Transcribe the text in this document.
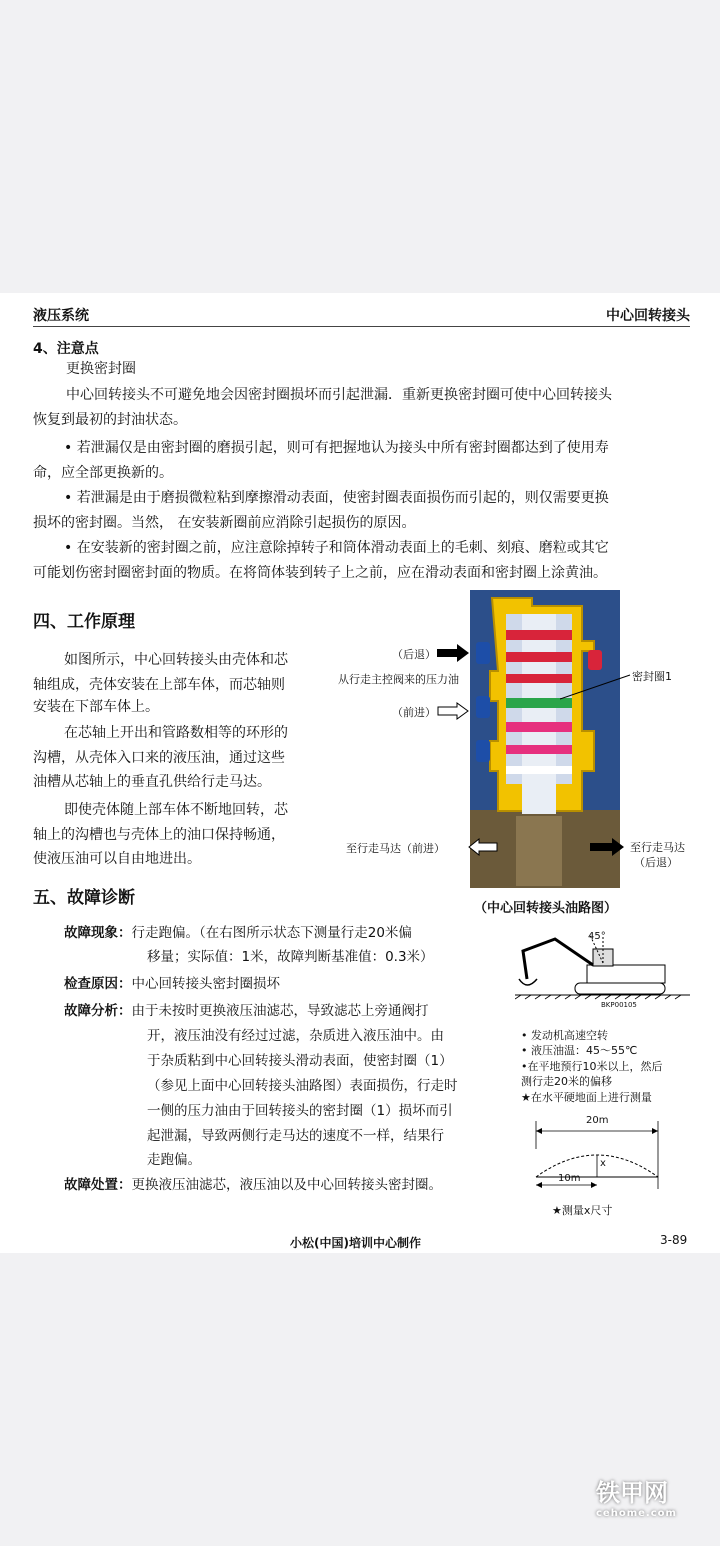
液压系统	中心回转接头
4、注意点
更换密封圈
中心回转接头不可避免地会因密封圈损坏而引起泄漏．重新更换密封圈可使中心回转接头
恢复到最初的封油状态。
• 若泄漏仅是由密封圈的磨损引起，则可有把握地认为接头中所有密封圈都达到了使用寿
命，应全部更换新的。
• 若泄漏是由于磨损微粒粘到摩擦滑动表面，使密封圈表面损伤而引起的，则仅需要更换
损坏的密封圈。当然， 在安装新圈前应消除引起损伤的原因。
• 在安装新的密封圈之前，应注意除掉转子和筒体滑动表面上的毛刺、刻痕、磨粒或其它
可能划伤密封圈密封面的物质。在将筒体装到转子上之前，应在滑动表面和密封圈上涂黄油。
四、工作原理
如图所示，中心回转接头由壳体和芯
轴组成，壳体安装在上部车体，而芯轴则
安装在下部车体上。
在芯轴上开出和管路数相等的环形的
沟槽，从壳体入口来的液压油，通过这些
油槽从芯轴上的垂直孔供给行走马达。
即使壳体随上部车体不断地回转，芯
轴上的沟槽也与壳体上的油口保持畅通，
使液压油可以自由地进出。
（后退）
从行走主控阀来的压力油
（前进）
密封圈1
至行走马达（前进）	至行走马达
（后退）
（中心回转接头油路图）
五、故障诊断
故障现象：行走跑偏。（在右图所示状态下测量行走20米偏
移量；实际值：1米，故障判断基准值：0.3米）
检查原因：中心回转接头密封圈损坏
故障分析：由于未按时更换液压油滤芯，导致滤芯上旁通阀打
开，液压油没有经过过滤，杂质进入液压油中。由
于杂质粘到中心回转接头滑动表面，使密封圈（1）
（参见上面中心回转接头油路图）表面损伤，行走时
一侧的压力油由于回转接头的密封圈（1）损坏而引
起泄漏，导致两侧行走马达的速度不一样，结果行
走跑偏。
故障处置：更换液压油滤芯，液压油以及中心回转接头密封圈。
45°
BKP00105
• 发动机高速空转
• 液压油温：45～55℃
•在平地预行10米以上，然后
测行走20米的偏移
★在水平硬地面上进行测量
20m
x
10m
★测量x尺寸
小松(中国)培训中心制作	3-89
铁甲网
cehome.com
